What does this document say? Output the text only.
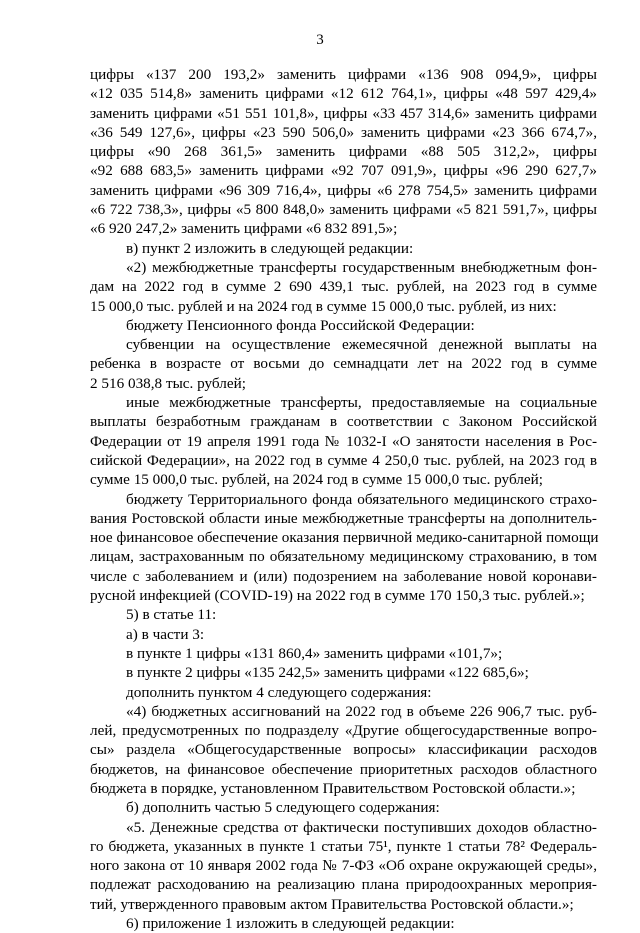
3
цифры «137 200 193,2» заменить цифрами «136 908 094,9», цифры
«12 035 514,8» заменить цифрами «12 612 764,1», цифры «48 597 429,4»
заменить цифрами «51 551 101,8», цифры «33 457 314,6» заменить цифрами
«36 549 127,6», цифры «23 590 506,0» заменить цифрами «23 366 674,7»,
цифры «90 268 361,5» заменить цифрами «88 505 312,2», цифры
«92 688 683,5» заменить цифрами «92 707 091,9», цифры «96 290 627,7»
заменить цифрами «96 309 716,4», цифры «6 278 754,5» заменить цифрами
«6 722 738,3», цифры «5 800 848,0» заменить цифрами «5 821 591,7», цифры
«6 920 247,2» заменить цифрами «6 832 891,5»;
в) пункт 2 изложить в следующей редакции:
«2) межбюджетные трансферты государственным внебюджетным фон-
дам на 2022 год в сумме 2 690 439,1 тыс. рублей, на 2023 год в сумме
15 000,0 тыс. рублей и на 2024 год в сумме 15 000,0 тыс. рублей, из них:
бюджету Пенсионного фонда Российской Федерации:
субвенции на осуществление ежемесячной денежной выплаты на
ребенка в возрасте от восьми до семнадцати лет на 2022 год в сумме
2 516 038,8 тыс. рублей;
иные межбюджетные трансферты, предоставляемые на социальные
выплаты безработным гражданам в соответствии с Законом Российской
Федерации от 19 апреля 1991 года № 1032-I «О занятости населения в Рос-
сийской Федерации», на 2022 год в сумме 4 250,0 тыс. рублей, на 2023 год в
сумме 15 000,0 тыс. рублей, на 2024 год в сумме 15 000,0 тыс. рублей;
бюджету Территориального фонда обязательного медицинского страхо-
вания Ростовской области иные межбюджетные трансферты на дополнитель-
ное финансовое обеспечение оказания первичной медико-санитарной помощи
лицам, застрахованным по обязательному медицинскому страхованию, в том
числе с заболеванием и (или) подозрением на заболевание новой коронави-
русной инфекцией (COVID-19) на 2022 год в сумме 170 150,3 тыс. рублей.»;
5) в статье 11:
а) в части 3:
в пункте 1 цифры «131 860,4» заменить цифрами «101,7»;
в пункте 2 цифры «135 242,5» заменить цифрами «122 685,6»;
дополнить пунктом 4 следующего содержания:
«4) бюджетных ассигнований на 2022 год в объеме 226 906,7 тыс. руб-
лей, предусмотренных по подразделу «Другие общегосударственные вопро-
сы» раздела «Общегосударственные вопросы» классификации расходов
бюджетов, на финансовое обеспечение приоритетных расходов областного
бюджета в порядке, установленном Правительством Ростовской области.»;
б) дополнить частью 5 следующего содержания:
«5. Денежные средства от фактически поступивших доходов областно-
го бюджета, указанных в пункте 1 статьи 75¹, пункте 1 статьи 78² Федераль-
ного закона от 10 января 2002 года № 7-ФЗ «Об охране окружающей среды»,
подлежат расходованию на реализацию плана природоохранных мероприя-
тий, утвержденного правовым актом Правительства Ростовской области.»;
6) приложение 1 изложить в следующей редакции:
